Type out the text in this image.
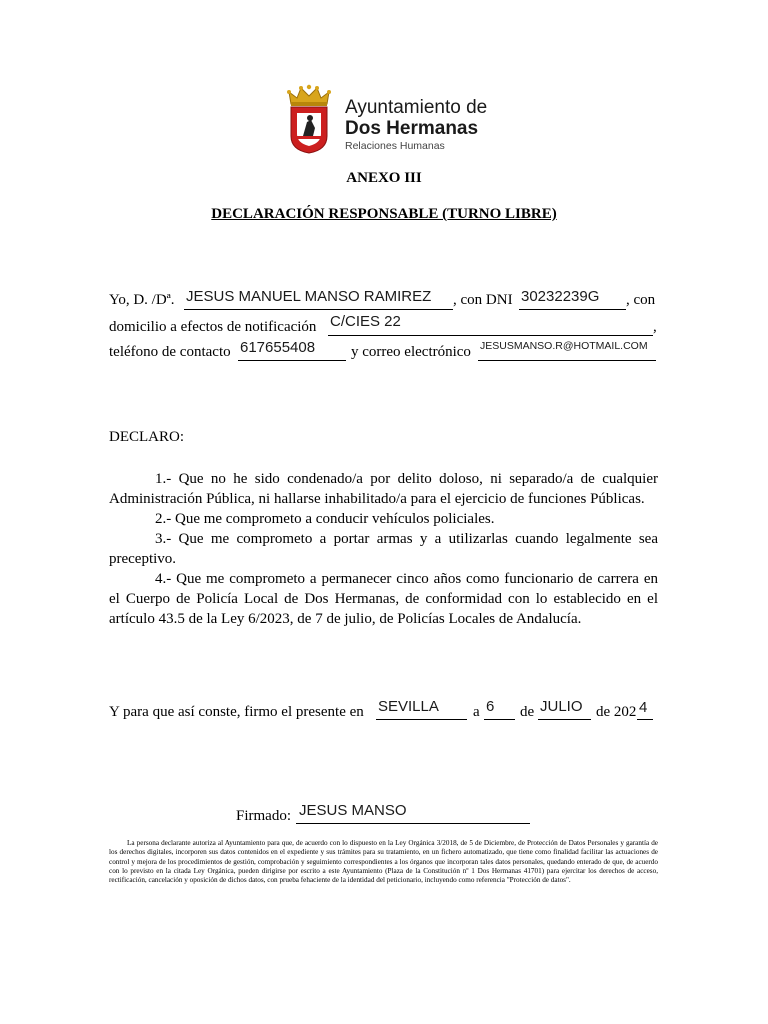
Ayuntamiento de
Dos Hermanas
Relaciones Humanas
ANEXO III
DECLARACIÓN RESPONSABLE (TURNO LIBRE)
Yo, D. /Dª. JESUS MANUEL MANSO RAMIREZ , con DNI 30232239G , con
domicilio a efectos de notificación C/CIES 22	,
teléfono de contacto 617655408 y correo electrónico JESUSMANSO.R@HOTMAIL.COM
DECLARO:
1.- Que no he sido condenado/a por delito doloso, ni separado/a de cualquier Administración Pública, ni hallarse inhabilitado/a para el ejercicio de funciones Públicas.
2.- Que me comprometo a conducir vehículos policiales.
3.- Que me comprometo a portar armas y a utilizarlas cuando legalmente sea preceptivo.
4.- Que me comprometo a permanecer cinco años como funcionario de carrera en el Cuerpo de Policía Local de Dos Hermanas, de conformidad con lo establecido en el artículo 43.5 de la Ley 6/2023, de 7 de julio, de Policías Locales de Andalucía.
Y para que así conste, firmo el presente en SEVILLA a 6 de JULIO de 202 4
Firmado: JESUS MANSO
La persona declarante autoriza al Ayuntamiento para que, de acuerdo con lo dispuesto en la Ley Orgánica 3/2018, de 5 de Diciembre, de Protección de Datos Personales y garantía de los derechos digitales, incorporen sus datos contenidos en el expediente y sus trámites para su tratamiento, en un fichero automatizado, que tiene como finalidad facilitar las actuaciones de control y mejora de los procedimientos de gestión, comprobación y seguimiento correspondientes a los órganos que incorporan tales datos personales, quedando enterado de que, de acuerdo con lo previsto en la citada Ley Orgánica, pueden dirigirse por escrito a este Ayuntamiento (Plaza de la Constitución nº 1 Dos Hermanas 41701) para ejercitar los derechos de acceso, rectificación, cancelación y oposición de dichos datos, con prueba fehaciente de la identidad del peticionario, incluyendo como referencia "Protección de datos".
